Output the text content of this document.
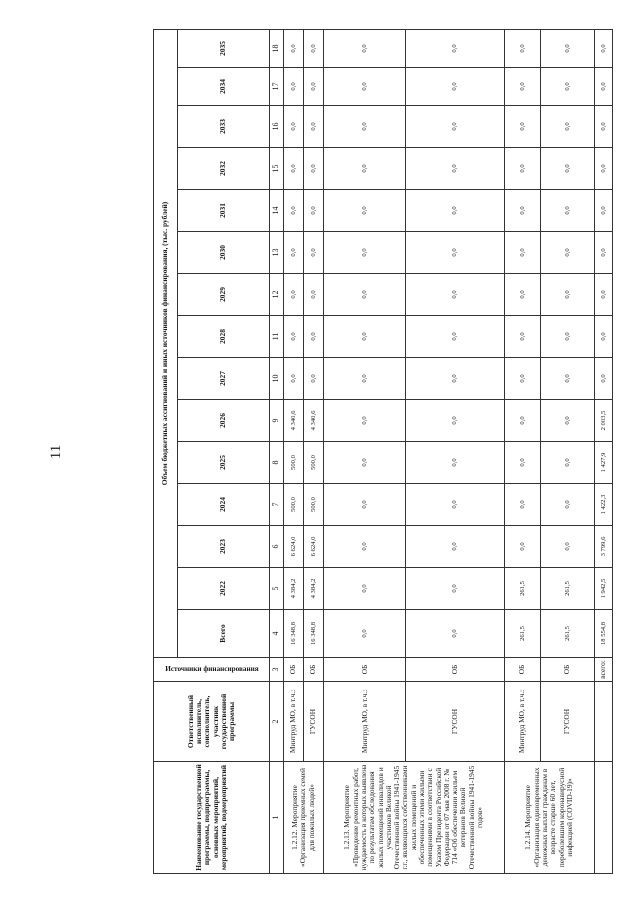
11
Наименование государственной программы, подпрограммы, основных мероприятий, мероприятий, подмероприятий	Ответственный исполнитель, соисполнитель, участник государственной программы	Источники финансирования	Объем бюджетных ассигнований и иных источников финансирования, (тыс. рублей)														
			Всего	2022	2023	2024	2025	2026	2027	2028	2029	2030	2031	2032	2033	2034	2035
1	2	3	4	5	6	7	8	9	10	11	12	13	14	15	16	17	18
1.2.12. Мероприятие «Организация приемных семей для пожилых людей»	Минтруд МО, в т.ч.:	ОБ	16 348,8	4 384,2	6 624,0	500,0	500,0	4 340,6	0,0	0,0	0,0	0,0	0,0	0,0	0,0	0,0	0,0
	ГУСОН	ОБ	16 348,8	4 384,2	6 624,0	500,0	500,0	4 340,6	0,0	0,0	0,0	0,0	0,0	0,0	0,0	0,0	0,0
1.2.13. Мероприятие «Проведение ремонтных работ, нуждаемость в которых выявлена по результатам обследования жилых помещений инвалидов и участников Великой Отечественной войны 1941-1945 г.г., являющихся собственниками жилых помещений и обеспеченных этими жилыми помещениями в соответствии с Указом Президента Российской Федерации от 07 мая 2008 г. № 714 «Об обеспечении жильем ветеранов Великой Отечественной войны 1941-1945 годов»	Минтруд МО, в т.ч.:	ОБ	0,0	0,0	0,0	0,0	0,0	0,0	0,0	0,0	0,0	0,0	0,0	0,0	0,0	0,0	0,0
	ГУСОН	ОБ	0,0	0,0	0,0	0,0	0,0	0,0	0,0	0,0	0,0	0,0	0,0	0,0	0,0	0,0	0,0
1.2.14. Мероприятие «Организация единовременных денежных выплат гражданам в возрасте старше 60 лет, переболевшим коронавирусной инфекцией (COVID-19)»	Минтруд МО, в т.ч.:	ОБ	261,5	261,5	0,0	0,0	0,0	0,0	0,0	0,0	0,0	0,0	0,0	0,0	0,0	0,0	0,0
	ГУСОН	ОБ	261,5	261,5	0,0	0,0	0,0	0,0	0,0	0,0	0,0	0,0	0,0	0,0	0,0	0,0	0,0
		всего:	18 554,8	1 942,5	3 799,6	1 422,3	1 427,9	2 003,5	0,0	0,0	0,0	0,0	0,0	0,0	0,0	0,0	0,0
